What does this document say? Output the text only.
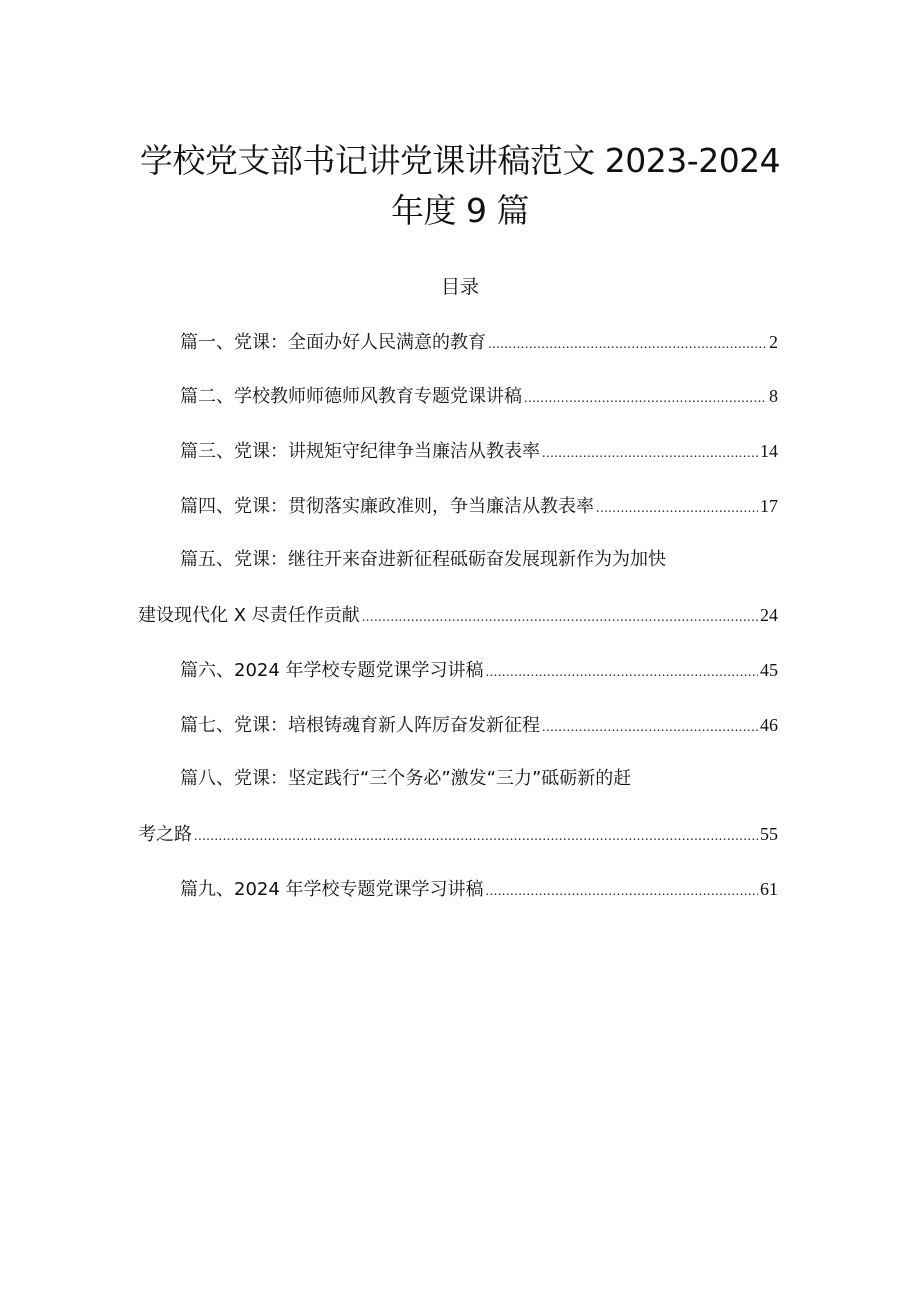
学校党支部书记讲党课讲稿范文 2023-2024
年度 9 篇
目录
篇一、党课：全面办好人民满意的教育 .....	2
篇二、学校教师师德师风教育专题党课讲稿 .....	8
篇三、党课：讲规矩守纪律争当廉洁从教表率 .....	14
篇四、党课：贯彻落实廉政准则，争当廉洁从教表率 .....	17
篇五、党课：继往开来奋进新征程砥砺奋发展现新作为为加快
建设现代化 X 尽责任作贡献 .....	24
篇六、2024 年学校专题党课学习讲稿 .....	45
篇七、党课：培根铸魂育新人阵厉奋发新征程 .....	46
篇八、党课：坚定践行“三个务必”激发“三力”砥砺新的赶
考之路 .....	55
篇九、2024 年学校专题党课学习讲稿 .....	61
